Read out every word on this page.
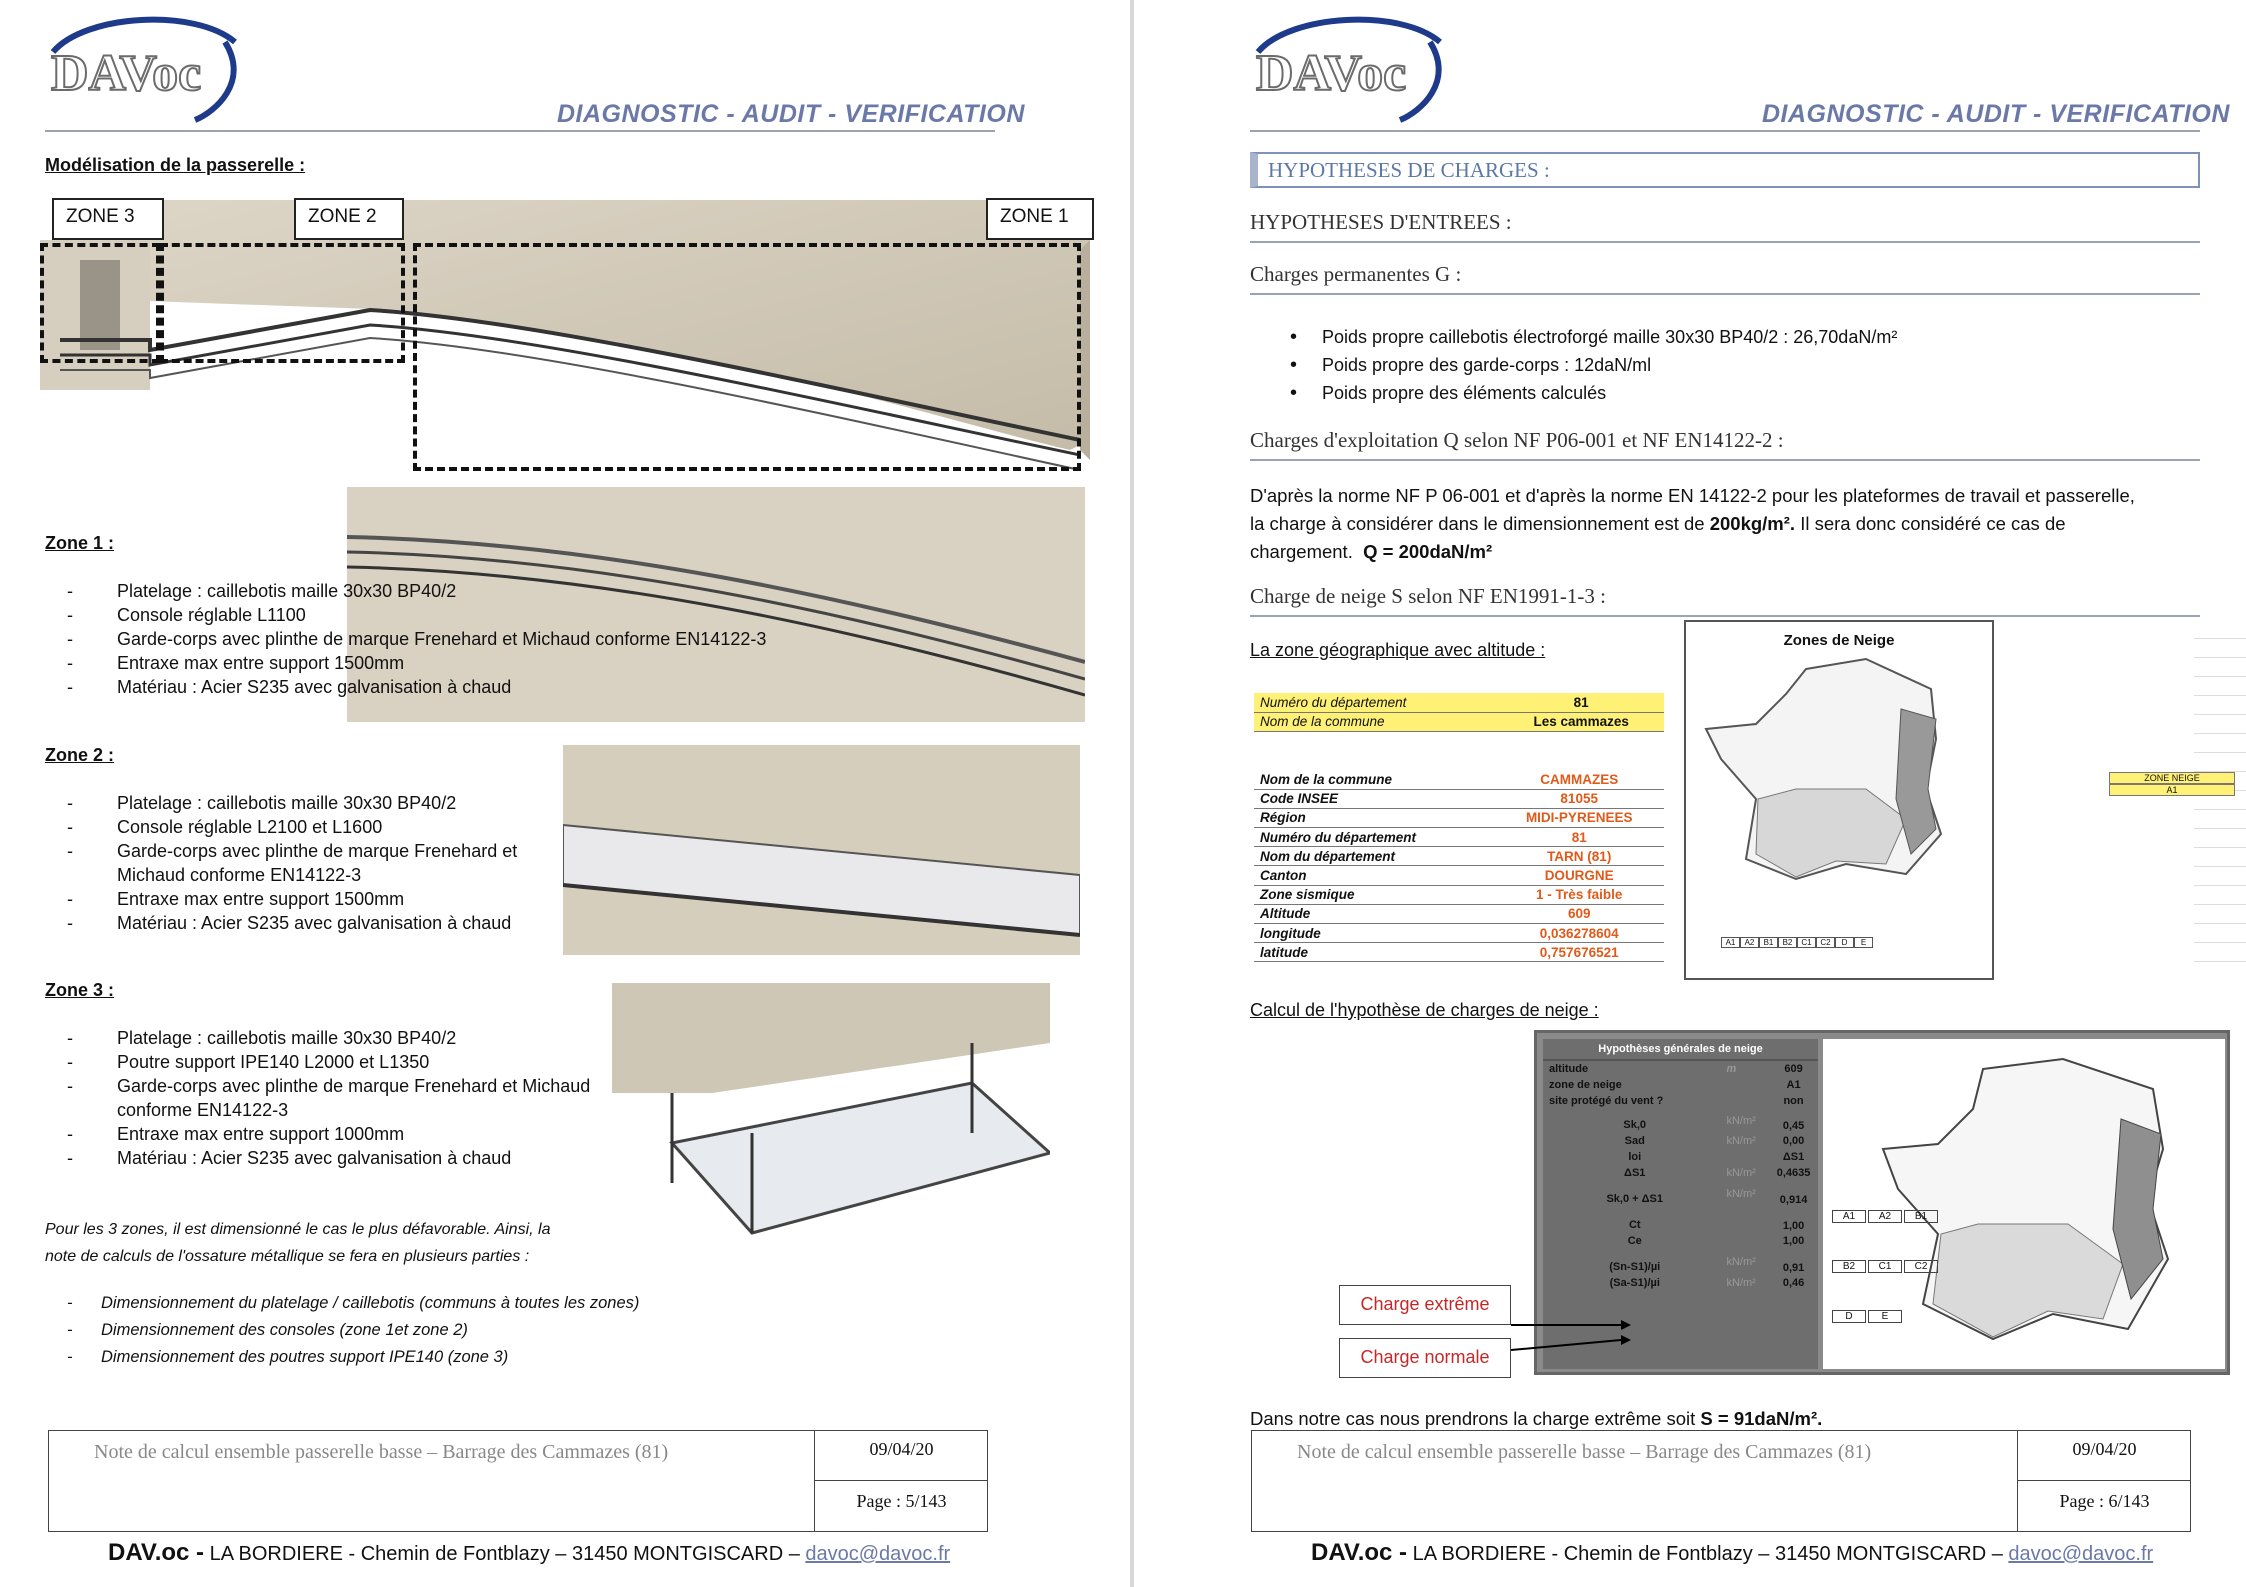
DAVoc
DIAGNOSTIC - AUDIT - VERIFICATION
Modélisation de la passerelle :
ZONE 3	ZONE 2	ZONE 1
Zone 1 :
- Platelage : caillebotis maille 30x30 BP40/2
- Console réglable L1100
- Garde-corps avec plinthe de marque Frenehard et Michaud conforme EN14122-3
- Entraxe max entre support 1500mm
- Matériau : Acier S235 avec galvanisation à chaud
Zone 2 :
- Platelage : caillebotis maille 30x30 BP40/2
- Console réglable L2100 et L1600
- Garde-corps avec plinthe de marque Frenehard et Michaud conforme EN14122-3
- Entraxe max entre support 1500mm
- Matériau : Acier S235 avec galvanisation à chaud
Zone 3 :
- Platelage : caillebotis maille 30x30 BP40/2
- Poutre support IPE140 L2000 et L1350
- Garde-corps avec plinthe de marque Frenehard et Michaud conforme EN14122-3
- Entraxe max entre support 1000mm
- Matériau : Acier S235 avec galvanisation à chaud
Pour les 3 zones, il est dimensionné le cas le plus défavorable. Ainsi, la
note de calculs de l'ossature métallique se fera en plusieurs parties :
- Dimensionnement du platelage / caillebotis (communs à toutes les zones)
- Dimensionnement des consoles (zone 1et zone 2)
- Dimensionnement des poutres support IPE140 (zone 3)
Note de calcul ensemble passerelle basse – Barrage des Cammazes (81)	09/04/20
Page : 5/143
DAV.oc - LA BORDIERE - Chemin de Fontblazy – 31450 MONTGISCARD – davoc@davoc.fr
DAVoc
DIAGNOSTIC - AUDIT - VERIFICATION
HYPOTHESES DE CHARGES :
HYPOTHESES D'ENTREES :
Charges permanentes G :
• Poids propre caillebotis électroforgé maille 30x30 BP40/2 : 26,70daN/m²
• Poids propre des garde-corps : 12daN/ml
• Poids propre des éléments calculés
Charges d'exploitation Q selon NF P06-001 et NF EN14122-2 :
D'après la norme NF P 06-001 et d'après la norme EN 14122-2 pour les plateformes de travail et passerelle,
la charge à considérer dans le dimensionnement est de 200kg/m². Il sera donc considéré ce cas de
chargement. Q = 200daN/m²
Charge de neige S selon NF EN1991-1-3 :
La zone géographique avec altitude :
Numéro du département	81
Nom de la commune	Les cammazes
Nom de la commune	CAMMAZES
Code INSEE	81055
Région	MIDI-PYRENEES
Numéro du département	81
Nom du département	TARN (81)
Canton	DOURGNE
Zone sismique	1 - Très faible
Altitude	609
longitude	0,036278604
latitude	0,757676521
Zones de Neige
A1	A2	B1	B2	C1	C2	D	E
ZONE NEIGE
A1
Calcul de l'hypothèse de charges de neige :
Hypothèses générales de neige
altitude	m	609
zone de neige		A1
site protégé du vent ?		non
Sk,0	kN/m²	0,45
Sad	kN/m²	0,00
loi		ΔS1
ΔS1	kN/m²	0,4635
Sk,0 + ΔS1	kN/m²	0,914
Ct		1,00
Ce		1,00
(Sn-S1)/µi	kN/m²	0,91
(Sa-S1)/µi	kN/m²	0,46
A1	A2	B1
B2	C1	C2
D	E
Charge extrême
Charge normale
Dans notre cas nous prendrons la charge extrême soit S = 91daN/m².
Note de calcul ensemble passerelle basse – Barrage des Cammazes (81)	09/04/20
Page : 6/143
DAV.oc - LA BORDIERE - Chemin de Fontblazy – 31450 MONTGISCARD – davoc@davoc.fr
